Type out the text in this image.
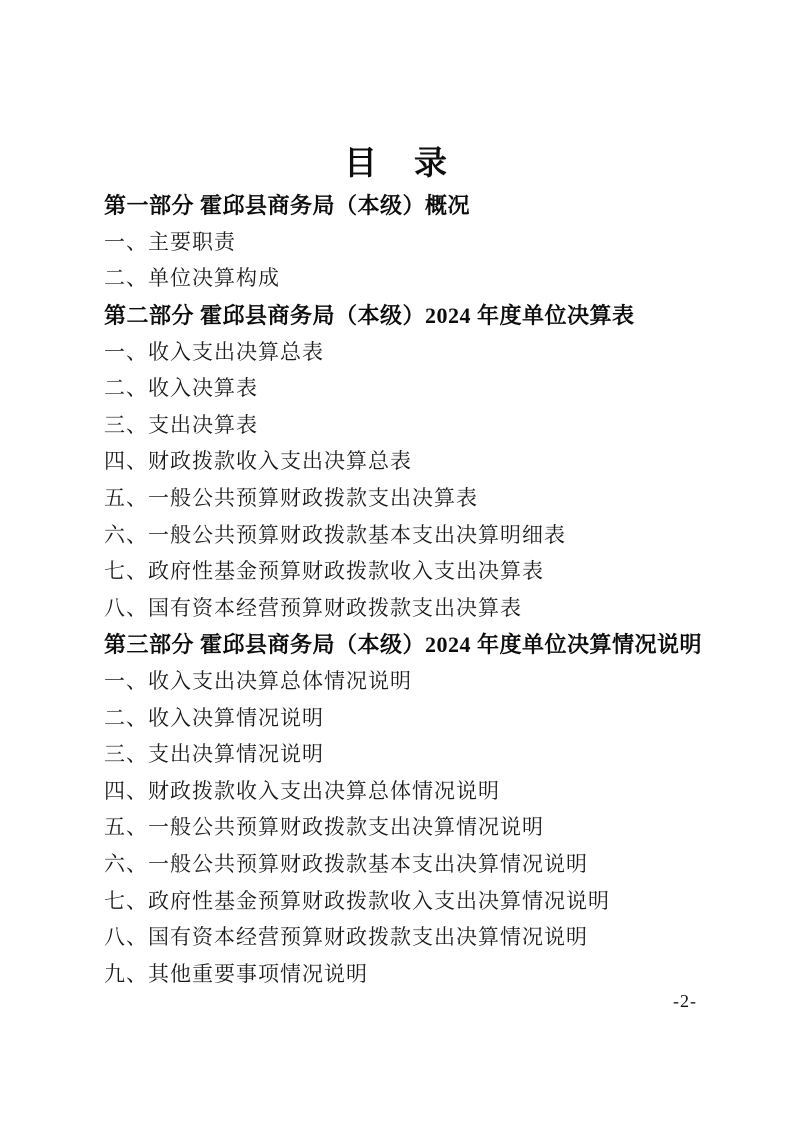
目　录
第一部分 霍邱县商务局（本级）概况
一、主要职责
二、单位决算构成
第二部分 霍邱县商务局（本级）2024 年度单位决算表
一、收入支出决算总表
二、收入决算表
三、支出决算表
四、财政拨款收入支出决算总表
五、一般公共预算财政拨款支出决算表
六、一般公共预算财政拨款基本支出决算明细表
七、政府性基金预算财政拨款收入支出决算表
八、国有资本经营预算财政拨款支出决算表
第三部分 霍邱县商务局（本级）2024 年度单位决算情况说明
一、收入支出决算总体情况说明
二、收入决算情况说明
三、支出决算情况说明
四、财政拨款收入支出决算总体情况说明
五、一般公共预算财政拨款支出决算情况说明
六、一般公共预算财政拨款基本支出决算情况说明
七、政府性基金预算财政拨款收入支出决算情况说明
八、国有资本经营预算财政拨款支出决算情况说明
九、其他重要事项情况说明
-2-
